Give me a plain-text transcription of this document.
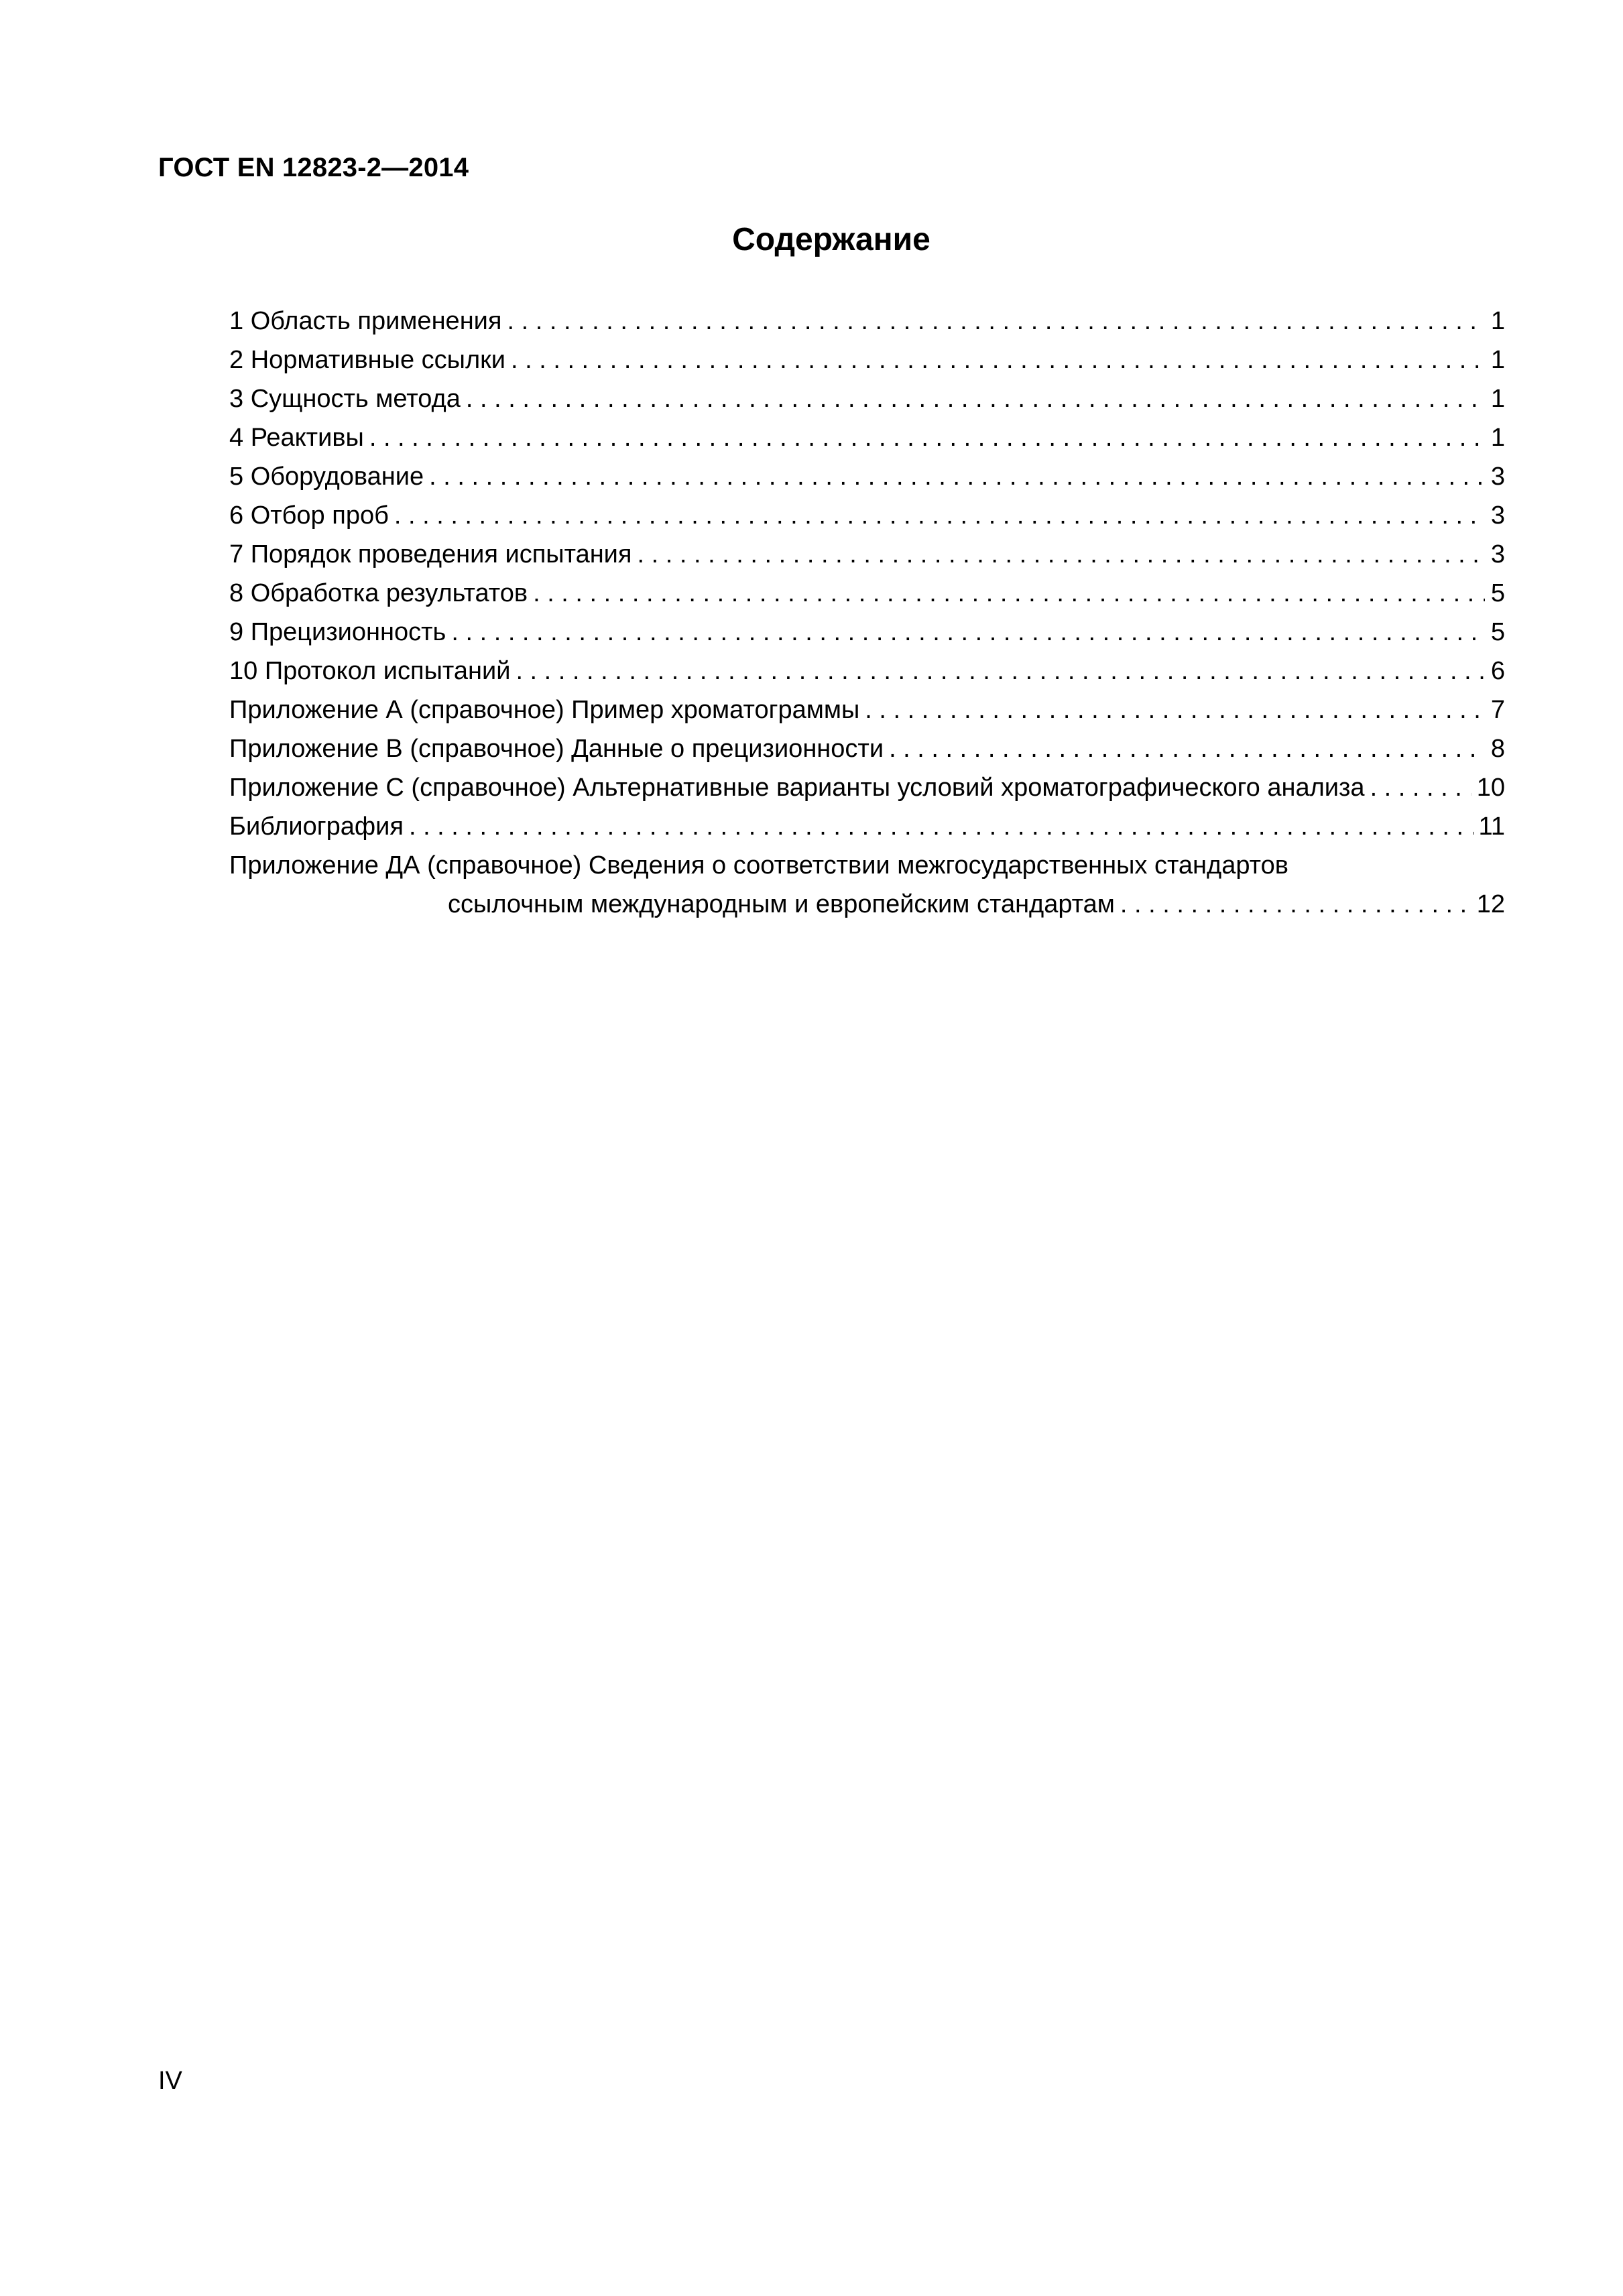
ГОСТ EN 12823-2—2014
Содержание
1 Область применения . . .	1
2 Нормативные ссылки . . .	1
3 Сущность метода . . .	1
4 Реактивы . . .	1
5 Оборудование . . .	3
6 Отбор проб . . .	3
7 Порядок проведения испытания . . .	3
8 Обработка результатов . . .	5
9 Прецизионность . . .	5
10 Протокол испытаний . . .	6
Приложение А (справочное) Пример хроматограммы . . .	7
Приложение В (справочное) Данные о прецизионности . . .	8
Приложение С (справочное) Альтернативные варианты условий хроматографического анализа . . .	10
Библиография . . .	11
Приложение ДА (справочное) Сведения о соответствии межгосударственных стандартов
ссылочным международным и европейским стандартам . . .	12
IV
